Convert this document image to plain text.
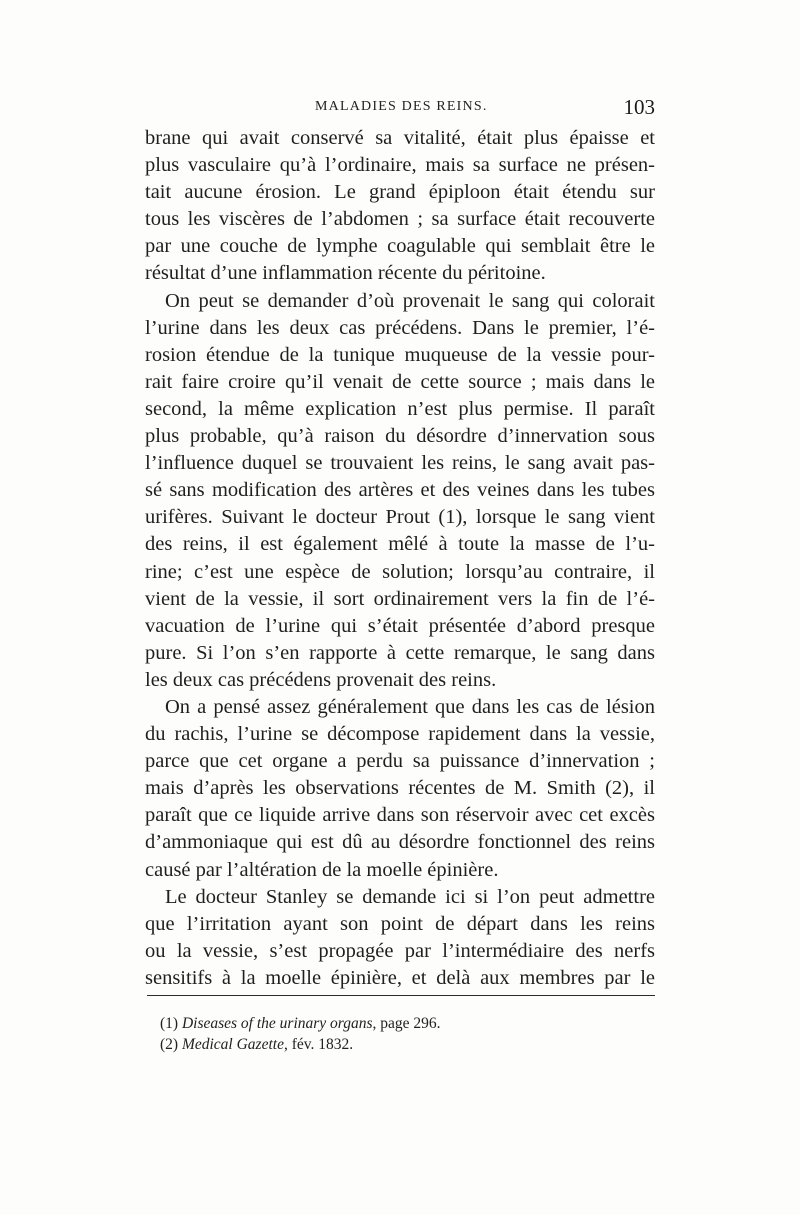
MALADIES DES REINS.	103
brane qui avait conservé sa vitalité, était plus épaisse et
plus vasculaire qu’à l’ordinaire, mais sa surface ne présen-
tait aucune érosion. Le grand épiploon était étendu sur
tous les viscères de l’abdomen ; sa surface était recouverte
par une couche de lymphe coagulable qui semblait être le
résultat d’une inflammation récente du péritoine.
On peut se demander d’où provenait le sang qui colorait
l’urine dans les deux cas précédens. Dans le premier, l’é-
rosion étendue de la tunique muqueuse de la vessie pour-
rait faire croire qu’il venait de cette source ; mais dans le
second, la même explication n’est plus permise. Il paraît
plus probable, qu’à raison du désordre d’innervation sous
l’influence duquel se trouvaient les reins, le sang avait pas-
sé sans modification des artères et des veines dans les tubes
urifères. Suivant le docteur Prout (1), lorsque le sang vient
des reins, il est également mêlé à toute la masse de l’u-
rine; c’est une espèce de solution; lorsqu’au contraire, il
vient de la vessie, il sort ordinairement vers la fin de l’é-
vacuation de l’urine qui s’était présentée d’abord presque
pure. Si l’on s’en rapporte à cette remarque, le sang dans
les deux cas précédens provenait des reins.
On a pensé assez généralement que dans les cas de lésion
du rachis, l’urine se décompose rapidement dans la vessie,
parce que cet organe a perdu sa puissance d’innervation ;
mais d’après les observations récentes de M. Smith (2), il
paraît que ce liquide arrive dans son réservoir avec cet excès
d’ammoniaque qui est dû au désordre fonctionnel des reins
causé par l’altération de la moelle épinière.
Le docteur Stanley se demande ici si l’on peut admettre
que l’irritation ayant son point de départ dans les reins
ou la vessie, s’est propagée par l’intermédiaire des nerfs
sensitifs à la moelle épinière, et delà aux membres par le
(1) Diseases of the urinary organs, page 296.
(2) Medical Gazette, fév. 1832.
